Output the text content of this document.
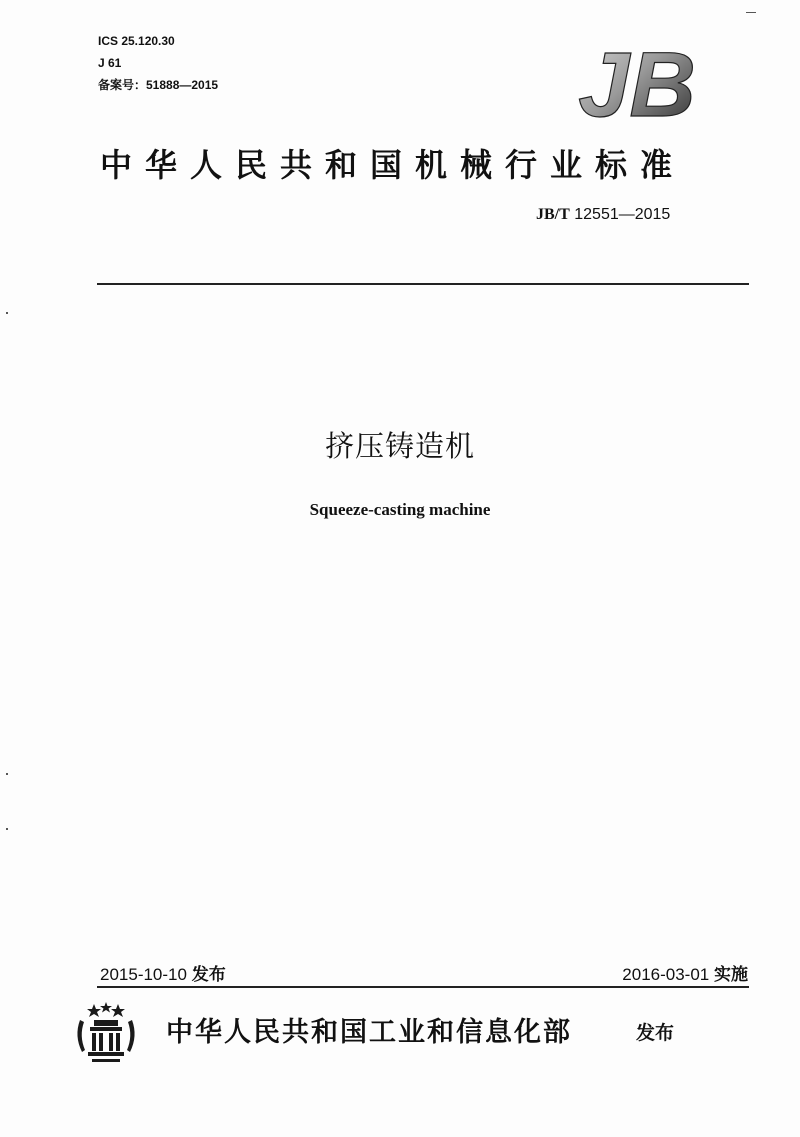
ICS 25.120.30
J 61
备案号：51888—2015	JB
中华人民共和国机械行业标准
JB/T 12551—2015
挤压铸造机
Squeeze-casting machine
2015-10-10 发布	2016-03-01 实施
中华人民共和国工业和信息化部	发布
